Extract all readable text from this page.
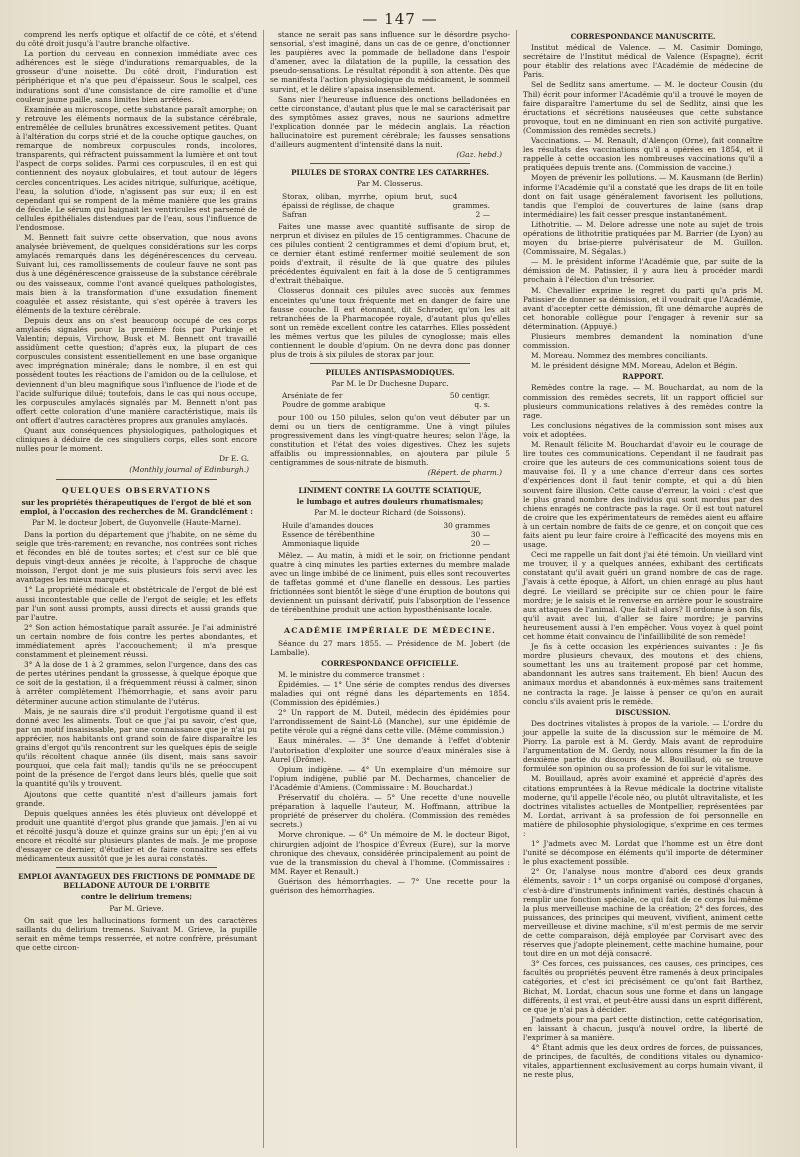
— 147 —

comprend les nerfs optique et olfactif de ce côté, et s'étend du côté droit jusqu'à l'autre branche olfactive.

La portion du cerveau en connexion immédiate avec ces adhérences est le siège d'indurations remarquables, de la grosseur d'une noisette. Du côté droit, l'induration est périphérique et n'a que peu d'épaisseur. Sous le scalpel, ces indurations sont d'une consistance de cire ramollie et d'une couleur jaune paille, sans limites bien arrêtées.

Examinée au microscope, cette substance paraît amorphe; on y retrouve les éléments normaux de la substance cérébrale, entremêlée de cellules brunâtres excessivement petites. Quant à l'altération du corps strié et de la couche optique gauches, on remarque de nombreux corpuscules ronds, incolores, transparents, qui réfractent puissamment la lumière et ont tout l'aspect de corps solides. Parmi ces corpuscules, il en est qui contiennent des noyaux globulaires, et tout autour de légers cercles concentriques. Les acides nitrique, sulfurique, acétique, l'eau, la solution d'iode, n'agissent pas sur eux; il en est cependant qui se rompent de la même manière que les grains de fécule. Le sérum qui baignait les ventricules est parsemé de cellules épithéliales distendues par de l'eau, sous l'influence de l'endosmose.

M. Bennett fait suivre cette observation, que nous avons analysée brièvement, de quelques considérations sur les corps amylacés remarqués dans les dégénérescences du cerveau. Suivant lui, ces ramollissements de couleur fauve ne sont pas dus à une dégénérescence graisseuse de la substance cérébrale ou des vaisseaux, comme l'ont avancé quelques pathologistes, mais bien à la transformation d'une exsudation finement coagulée et assez résistante, qui s'est opérée à travers les éléments de la texture cérébrale.

Depuis deux ans on s'est beaucoup occupé de ces corps amylacés signalés pour la première fois par Purkinje et Valentin; depuis, Virchow, Busk et M. Bennett ont travaillé assidûment cette question; d'après eux, la plupart de ces corpuscules consistent essentiellement en une base organique avec imprégnation minérale; dans le nombre, il en est qui possèdent toutes les réactions de l'amidon ou de la cellulose, et deviennent d'un bleu magnifique sous l'influence de l'iode et de l'acide sulfurique dilué; toutefois, dans le cas qui nous occupe, les corpuscules amylacés signalés par M. Bennett n'ont pas offert cette coloration d'une manière caractéristique, mais ils ont offert d'autres caractères propres aux granules amylacés.

Quant aux conséquences physiologiques, pathologiques et cliniques à déduire de ces singuliers corps, elles sont encore nulles pour le moment.

Dr E. G.
(Monthly journal of Edinburgh.)
QUELQUES OBSERVATIONS
sur les propriétés thérapeutiques de l'ergot de blé et son emploi, à l'occasion des recherches de M. Grandclément :
Par M. le docteur Jobert, de Guyonvelle (Haute-Marne).

Dans la portion du département que j'habite, on ne sème du seigle que très-rarement; en revanche, nos contrées sont riches et fécondes en blé de toutes sortes; et c'est sur ce blé que depuis vingt-deux années je récolte, à l'approche de chaque moisson, l'ergot dont je me suis plusieurs fois servi avec les avantages les mieux marqués.

1° La propriété médicale et obstétricale de l'ergot de blé est aussi incontestable que celle de l'ergot de seigle; et les effets par l'un sont aussi prompts, aussi directs et aussi grands que par l'autre.

2° Son action hémostatique paraît assurée. Je l'ai administré un certain nombre de fois contre les pertes abondantes, et immédiatement après l'accouchement; il m'a presque constamment et pleinement réussi.

3° A la dose de 1 à 2 grammes, selon l'urgence, dans des cas de pertes utérines pendant la grossesse, à quelque époque que ce soit de la gestation, il a fréquemment réussi à calmer, sinon à arrêter complètement l'hémorrhagie, et sans avoir paru déterminer aucune action stimulante de l'utérus.

Mais, je ne saurais dire s'il produit l'ergotisme quand il est donné avec les aliments. Tout ce que j'ai pu savoir, c'est que, par un motif insaisissable, par une connaissance que je n'ai pu apprécier, nos habitants ont grand soin de faire disparaître les grains d'ergot qu'ils rencontrent sur les quelques épis de seigle qu'ils récoltent chaque année (ils disent, mais sans savoir pourquoi, que cela fait mal); tandis qu'ils ne se préoccupent point de la présence de l'ergot dans leurs blés, quelle que soit la quantité qu'ils y trouvent.

Ajoutons que cette quantité n'est d'ailleurs jamais fort grande.

Depuis quelques années les étés pluvieux ont développé et produit une quantité d'ergot plus grande que jamais. J'en ai vu et récolté jusqu'à douze et quinze grains sur un épi; j'en ai vu encore et récolté sur plusieurs plantes de maïs. Je me propose d'essayer ce dernier, d'étudier et de faire connaître ses effets médicamenteux aussitôt que je les aurai constatés.

EMPLOI AVANTAGEUX DES FRICTIONS DE POMMADE DE BELLADONE AUTOUR DE L'ORBITE
contre le delirium tremens;
Par M. Grieve.

On sait que les hallucinations forment un des caractères saillants du delirium tremens. Suivant M. Grieve, la pupille serait en même temps resserrée, et notre confrère, présumant que cette circon-

stance ne serait pas sans influence sur le désordre psycho-sensorial, s'est imaginé, dans un cas de ce genre, d'onctionner les paupières avec la pommade de belladone dans l'espoir d'amener, avec la dilatation de la pupille, la cessation des pseudo-sensations. Le résultat répondit à son attente. Dès que se manifesta l'action physiologique du médicament, le sommeil survint, et le délire s'apaisa insensiblement.

Sans nier l'heureuse influence des onctions belladonées en cette circonstance, d'autant plus que le mal se caractérisait par des symptômes assez graves, nous ne saurions admettre l'explication donnée par le médecin anglais. La réaction hallucinatoire est purement cérébrale; les fausses sensations d'ailleurs augmentent d'intensité dans la nuit.

(Gaz. hebd.)
PILULES DE STORAX CONTRE LES CATARRHES.
Par M. Closserus.
Storax, oliban, myrrhe, opium brut, suc épaissi de réglisse, de chaque
4 grammes.
Safran	2 —

Faites une masse avec quantité suffisante de sirop de nerprun et divisez en pilules de 15 centigrammes. Chacune de ces pilules contient 2 centigrammes et demi d'opium brut, et, ce dernier étant estimé renfermer moitié seulement de son poids d'extrait, il résulte de là que quatre des pilules précédentes équivalent en fait à la dose de 5 centigrammes d'extrait thébaïque.

Closserus donnait ces pilules avec succès aux femmes enceintes qu'une toux fréquente met en danger de faire une fausse couche. Il est étonnant, dit Schroder, qu'on les ait retranchées de la Pharmacopée royale, d'autant plus qu'elles sont un remède excellent contre les catarrhes. Elles possèdent les mêmes vertus que les pilules de cynoglosse; mais elles contiennent le double d'opium. On ne devra donc pas donner plus de trois à six pilules de storax par jour.

PILULES ANTISPASMODIQUES.
Par M. le Dr Duchesne Duparc.
Arséniate de fer	50 centigr.
Poudre de gomme arabique	q. s.

pour 100 ou 150 pilules, selon qu'on veut débuter par un demi ou un tiers de centigramme. Une à vingt pilules progressivement dans les vingt-quatre heures; selon l'âge, la constitution et l'état des voies digestives. Chez les sujets affaiblis ou impressionnables, on ajoutera par pilule 5 centigrammes de sous-nitrate de bismuth.

(Répert. de pharm.)
LINIMENT CONTRE LA GOUTTE SCIATIQUE,
le lumbago et autres douleurs rhumatismales;
Par M. le docteur Richard (de Soissons).
Huile d'amandes douces	30 grammes
Essence de térébenthine	30 —
Ammoniaque liquide	20 —

Mêlez. — Au matin, à midi et le soir, on frictionne pendant quatre à cinq minutes les parties externes du membre malade avec un linge imbibé de ce liniment, puis elles sont recouvertes de taffetas gommé et d'une flanelle en dessous. Les parties frictionnées sont bientôt le siège d'une éruption de boutons qui deviennent un puissant dérivatif, puis l'absorption de l'essence de térébenthine produit une action hyposthénisante locale.

ACADÉMIE IMPÉRIALE DE MÉDECINE.

Séance du 27 mars 1855. — Présidence de M. Jobert (de Lamballe).

CORRESPONDANCE OFFICIELLE.

M. le ministre du commerce transmet :

Épidémies. — 1° Une série de comptes rendus des diverses maladies qui ont régné dans les départements en 1854. (Commission des épidémies.)

2° Un rapport de M. Duteil, médecin des épidémies pour l'arrondissement de Saint-Lô (Manche), sur une épidémie de petite vérole qui a régné dans cette ville. (Même commission.)

Eaux minérales. — 3° Une demande à l'effet d'obtenir l'autorisation d'exploiter une source d'eaux minérales sise à Aurel (Drôme).

Opium indigène. — 4° Un exemplaire d'un mémoire sur l'opium indigène, publié par M. Decharmes, chancelier de l'Académie d'Amiens. (Commissaire : M. Bouchardat.)

Préservatif du choléra. — 5° Une recette d'une nouvelle préparation à laquelle l'auteur, M. Hoffmann, attribue la propriété de préserver du choléra. (Commission des remèdes secrets.)

Morve chronique. — 6° Un mémoire de M. le docteur Bigot, chirurgien adjoint de l'hospice d'Évreux (Eure), sur la morve chronique des chevaux, considérée principalement au point de vue de la transmission du cheval à l'homme. (Commissaires : MM. Rayer et Renault.)

Guérison des hémorrhagies. — 7° Une recette pour la guérison des hémorrhagies.

CORRESPONDANCE MANUSCRITE.

Institut médical de Valence. — M. Casimir Domingo, secrétaire de l'Institut médical de Valence (Espagne), écrit pour établir des relations avec l'Académie de médecine de Paris.

Sel de Sedlitz sans amertume. — M. le docteur Cousin (du Thil) écrit pour informer l'Académie qu'il a trouvé le moyen de faire disparaître l'amertume du sel de Sedlitz, ainsi que les éructations et sécrétions nauséeuses que cette substance provoque, tout en ne diminuant en rien son activité purgative. (Commission des remèdes secrets.)

Vaccinations. — M. Renault, d'Alençon (Orne), fait connaître les résultats des vaccinations qu'il a opérées en 1854, et il rappelle à cette occasion les nombreuses vaccinations qu'il a pratiquées depuis trente ans. (Commission de vaccine.)

Moyen de prévenir les pollutions. — M. Kausmann (de Berlin) informe l'Académie qu'il a constaté que les draps de lit en toile dont on fait usage généralement favorisent les pollutions, tandis que l'emploi de couvertures de laine (sans drap intermédiaire) les fait cesser presque instantanément.

Lithotritie. — M. Delore adresse une note au sujet de trois opérations de lithotritie pratiquées par M. Barrier (de Lyon) au moyen du brise-pierre pulvérisateur de M. Guillon. (Commissaire, M. Ségalas.)

— M. le président informe l'Académie que, par suite de la démission de M. Patissier, il y aura lieu à procéder mardi prochain à l'élection d'un trésorier.

M. Chevallier exprime le regret du parti qu'a pris M. Patissier de donner sa démission, et il voudrait que l'Académie, avant d'accepter cette démission, fît une démarche auprès de cet honorable collègue pour l'engager à revenir sur sa détermination. (Appuyé.)

Plusieurs membres demandent la nomination d'une commission.

M. Moreau. Nommez des membres conciliants.

M. le président désigne MM. Moreau, Adelon et Bégin.

RAPPORT.

Remèdes contre la rage. — M. Bouchardat, au nom de la commission des remèdes secrets, lit un rapport officiel sur plusieurs communications relatives à des remèdes contre la rage.

Les conclusions négatives de la commission sont mises aux voix et adoptées.

M. Renault félicite M. Bouchardat d'avoir eu le courage de lire toutes ces communications. Cependant il ne faudrait pas croire que les auteurs de ces communications soient tous de mauvaise foi. Il y a une chance d'erreur dans ces sortes d'expériences dont il faut tenir compte, et qui a dû bien souvent faire illusion. Cette cause d'erreur, la voici : c'est que le plus grand nombre des individus qui sont mordus par des chiens enragés ne contracte pas la rage. Or il est tout naturel de croire que les expérimentateurs de remèdes aient eu affaire à un certain nombre de faits de ce genre, et on conçoit que ces faits aient pu leur faire croire à l'efficacité des moyens mis en usage.

Ceci me rappelle un fait dont j'ai été témoin. Un vieillard vint me trouver, il y a quelques années, exhibant des certificats constatant qu'il avait guéri un grand nombre de cas de rage. J'avais à cette époque, à Alfort, un chien enragé au plus haut degré. Le vieillard se précipite sur ce chien pour le faire mordre; je le saisis et le renverse en arrière pour le soustraire aux attaques de l'animal. Que fait-il alors? Il ordonne à son fils, qu'il avait avec lui, d'aller se faire mordre; je parvins heureusement aussi à l'en empêcher. Vous voyez à quel point cet homme était convaincu de l'infaillibilité de son remède!

Je fis à cette occasion les expériences suivantes : Je fis mordre plusieurs chevaux, des moutons et des chiens, soumettant les uns au traitement proposé par cet homme, abandonnant les autres sans traitement. Eh bien! Aucun des animaux mordus et abandonnés à eux-mêmes sans traitement ne contracta la rage. Je laisse à penser ce qu'on en aurait conclu s'ils avaient pris le remède.

DISCUSSION.

Des doctrines vitalistes à propos de la variole. — L'ordre du jour appelle la suite de la discussion sur le mémoire de M. Piorry. La parole est à M. Gerdy. Mais avant de reproduire l'argumentation de M. Gerdy, nous allons résumer la fin de la deuxième partie du discours de M. Bouillaud, où se trouve formulée son opinion ou sa profession de foi sur le vitalisme.

M. Bouillaud, après avoir examiné et apprécié d'après des citations empruntées à la Revue médicale la doctrine vitaliste moderne, qu'il appelle l'école néo, ou plutôt ultravitaliste, et les doctrines vitalistes actuelles de Montpellier, représentées par M. Lordat, arrivant à sa profession de foi personnelle en matière de philosophie physiologique, s'exprime en ces termes :

1° J'admets avec M. Lordat que l'homme est un être dont l'unité se décompose en éléments qu'il importe de déterminer le plus exactement possible.

2° Or, l'analyse nous montre d'abord ces deux grands éléments, savoir : 1° un corps organisé ou composé d'organes, c'est-à-dire d'instruments infiniment variés, destinés chacun à remplir une fonction spéciale, ce qui fait de ce corps lui-même la plus merveilleuse machine de la création; 2° des forces, des puissances, des principes qui meuvent, vivifient, animent cette merveilleuse et divine machine, s'il m'est permis de me servir de cette comparaison, déjà employée par Corvisart avec des réserves que j'adopte pleinement, cette machine humaine, pour tout dire en un mot déjà consacré.

3° Ces forces, ces puissances, ces causes, ces principes, ces facultés ou propriétés peuvent être ramenés à deux principales catégories, et c'est ici précisément ce qu'ont fait Barthez, Bichat, M. Lordat, chacun sous une forme et dans un langage différents, il est vrai, et peut-être aussi dans un esprit différent, ce que je n'ai pas à décider.

J'admets pour ma part cette distinction, cette catégorisation, en laissant à chacun, jusqu'à nouvel ordre, la liberté de l'exprimer à sa manière.

4° Étant admis que les deux ordres de forces, de puissances, de principes, de facultés, de conditions vitales ou dynamico-vitales, appartiennent exclusivement au corps humain vivant, il ne reste plus,
